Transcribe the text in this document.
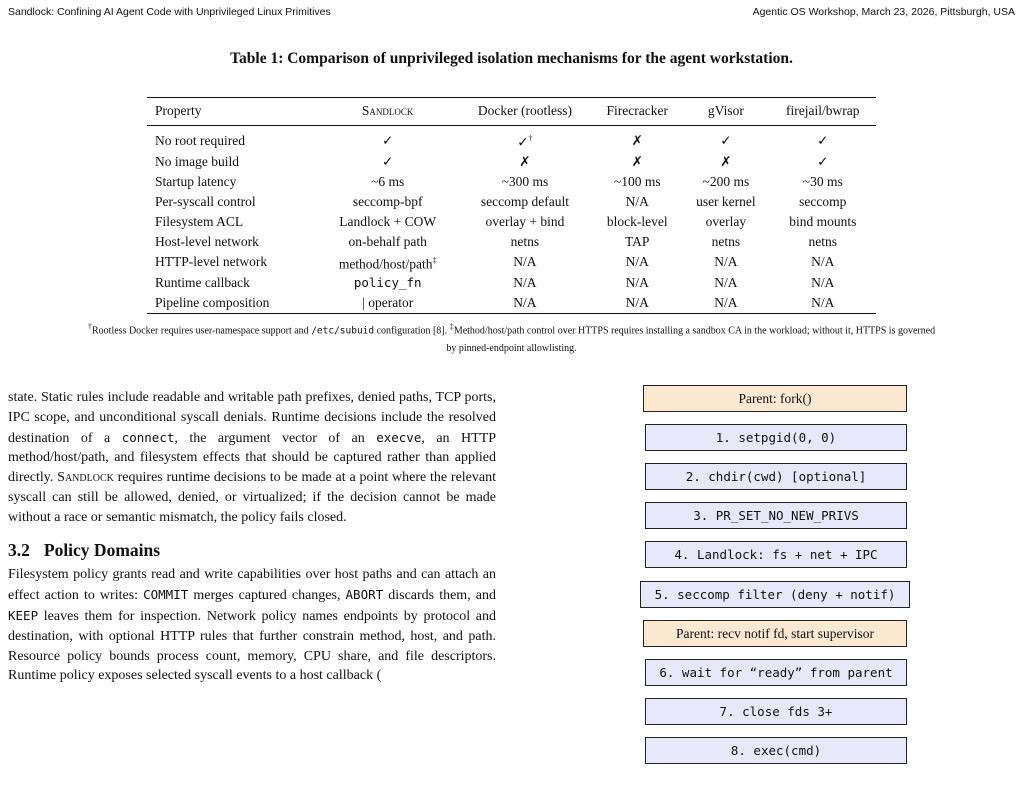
Sandlock: Confining AI Agent Code with Unprivileged Linux Primitives	Agentic OS Workshop, March 23, 2026, Pittsburgh, USA
Table 1: Comparison of unprivileged isolation mechanisms for the agent workstation.
Property	Sandlock	Docker (rootless)	Firecracker	gVisor	firejail/bwrap
No root required	✓	✓†	✗	✓	✓
No image build	✓	✗	✗	✗	✓
Startup latency	~6 ms	~300 ms	~100 ms	~200 ms	~30 ms
Per-syscall control	seccomp-bpf	seccomp default	N/A	user kernel	seccomp
Filesystem ACL	Landlock + COW	overlay + bind	block-level	overlay	bind mounts
Host-level network	on-behalf path	netns	TAP	netns	netns
HTTP-level network	method/host/path‡	N/A	N/A	N/A	N/A
Runtime callback	policy_fn	N/A	N/A	N/A	N/A
Pipeline composition	| operator	N/A	N/A	N/A	N/A
†Rootless Docker requires user-namespace support and /etc/subuid configuration [8]. ‡Method/host/path control over HTTPS requires installing a sandbox CA in the workload; without it, HTTPS is governed
by pinned-endpoint allowlisting.

state. Static rules include readable and writable path prefixes, denied paths, TCP ports, IPC scope, and unconditional syscall denials. Runtime decisions include the resolved destination of a connect, the argument vector of an execve, an HTTP method/host/path, and filesystem effects that should be captured rather than applied directly. Sandlock requires runtime decisions to be made at a point where the relevant syscall can still be allowed, denied, or virtualized; if the decision cannot be made without a race or semantic mismatch, the policy fails closed.

3.2 Policy Domains

Filesystem policy grants read and write capabilities over host paths and can attach an effect action to writes: COMMIT merges captured changes, ABORT discards them, and KEEP leaves them for inspection. Network policy names endpoints by protocol and destination, with optional HTTP rules that further constrain method, host, and path. Resource policy bounds process count, memory, CPU share, and file descriptors. Runtime policy exposes selected syscall events to a host callback (

Parent: fork()
1. setpgid(0, 0)
2. chdir(cwd) [optional]
3. PR_SET_NO_NEW_PRIVS
4. Landlock: fs + net + IPC
5. seccomp filter (deny + notif)
Parent: recv notif fd, start supervisor
6. wait for “ready” from parent
7. close fds 3+
8. exec(cmd)
